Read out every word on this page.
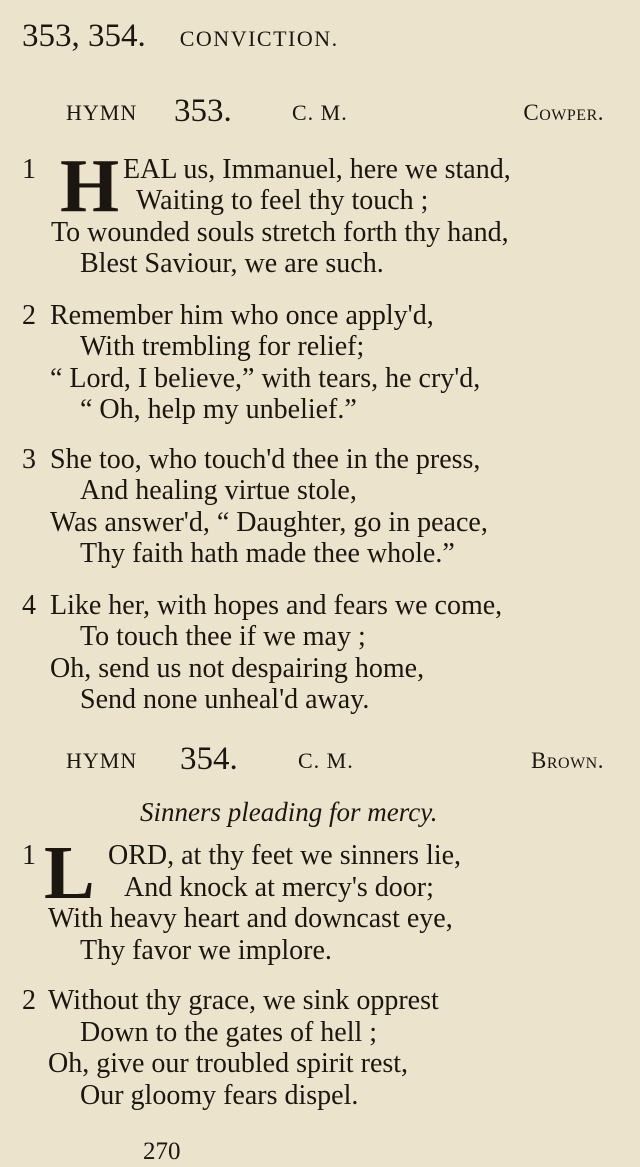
353, 354. CONVICTION.
HYMN 353.	C. M.	Cowper.
1 H EAL us, Immanuel, here we stand,
Waiting to feel thy touch ;
To wounded souls stretch forth thy hand,
Blest Saviour, we are such.
2 Remember him who once apply'd,
With trembling for relief;
“ Lord, I believe,” with tears, he cry'd,
“ Oh, help my unbelief.”
3 She too, who touch'd thee in the press,
And healing virtue stole,
Was answer'd, “ Daughter, go in peace,
Thy faith hath made thee whole.”
4 Like her, with hopes and fears we come,
To touch thee if we may ;
Oh, send us not despairing home,
Send none unheal'd away.
HYMN 354.	C. M.	Brown.
Sinners pleading for mercy.
1 L ORD, at thy feet we sinners lie,
And knock at mercy's door;
With heavy heart and downcast eye,
Thy favor we implore.
2 Without thy grace, we sink opprest
Down to the gates of hell ;
Oh, give our troubled spirit rest,
Our gloomy fears dispel.
270
